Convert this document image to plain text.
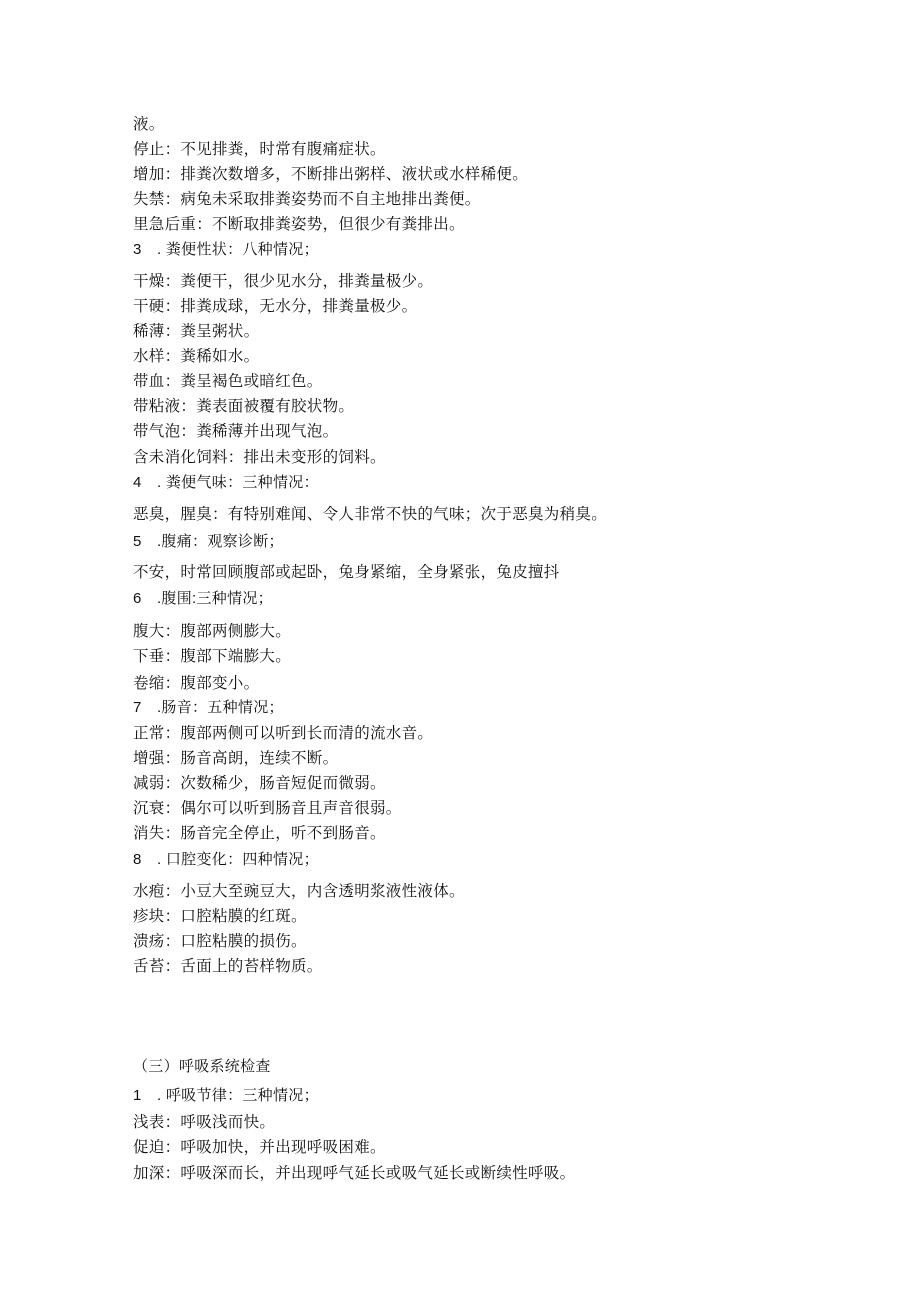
液。
停止：不见排粪，时常有腹痛症状。
增加：排粪次数增多，不断排出粥样、液状或水样稀便。
失禁：病兔未采取排粪姿势而不自主地排出粪便。
里急后重：不断取排粪姿势，但很少有粪排出。
3　. 粪便性状：八种情况；
干燥：粪便干，很少见水分，排粪量极少。
干硬：排粪成球，无水分，排粪量极少。
稀薄：粪呈粥状。
水样：粪稀如水。
带血：粪呈褐色或暗红色。
带粘液：粪表面被覆有胶状物。
带气泡：粪稀薄并出现气泡。
含未消化饲料：排出未变形的饲料。
4　. 粪便气味：三种情况：
恶臭，腥臭：有特别难闻、令人非常不快的气味；次于恶臭为稍臭。
5　.腹痛：观察诊断；
不安，时常回顾腹部或起卧，兔身紧缩，全身紧张，兔皮擅抖
6　.腹围:三种情况；
腹大：腹部两侧膨大。
下垂：腹部下端膨大。
卷缩：腹部变小。
7　.肠音：五种情况；
正常：腹部两侧可以听到长而清的流水音。
增强：肠音高朗，连续不断。
减弱：次数稀少，肠音短促而微弱。
沉衰：偶尔可以听到肠音且声音很弱。
消失：肠音完全停止，听不到肠音。
8　. 口腔变化：四种情况；
水疱：小豆大至豌豆大，内含透明浆液性液体。
疹块：口腔粘膜的红斑。
溃疡：口腔粘膜的损伤。
舌苔：舌面上的苔样物质。
（三）呼吸系统检查
1　. 呼吸节律：三种情况；
浅表：呼吸浅而快。
促迫：呼吸加快，并出现呼吸困难。
加深：呼吸深而长，并出现呼气延长或吸气延长或断续性呼吸。
